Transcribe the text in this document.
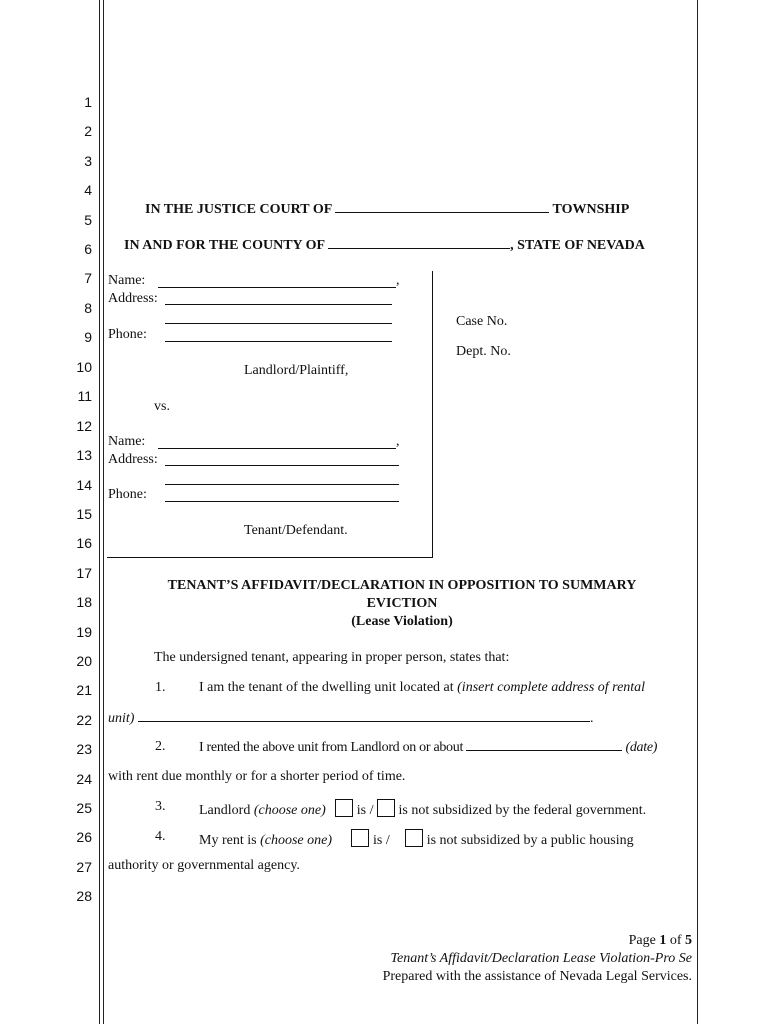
1
2
3
4
5
6
7
8
9
10
11
12
13
14
15
16
17
18
19
20
21
22
23
24
25
26
27
28
IN THE JUSTICE COURT OF	TOWNSHIP
IN AND FOR THE COUNTY OF	, STATE OF NEVADA
Name:	,
Address:
Phone:
Landlord/Plaintiff,
vs.
Name:	,
Address:
Phone:
Tenant/Defendant.
Case No.
Dept. No.
TENANT’S AFFIDAVIT/DECLARATION IN OPPOSITION TO SUMMARY
EVICTION
(Lease Violation)
The undersigned tenant, appearing in proper person, states that:
1. I am the tenant of the dwelling unit located at (insert complete address of rental
unit)	.
2. I rented the above unit from Landlord on or about	(date)
with rent due monthly or for a shorter period of time.
3. Landlord (choose one) is / is not subsidized by the federal government.
4. My rent is (choose one)	is /	is not subsidized by a public housing
authority or governmental agency.
Page 1 of 5
Tenant’s Affidavit/Declaration Lease Violation-Pro Se
Prepared with the assistance of Nevada Legal Services.
